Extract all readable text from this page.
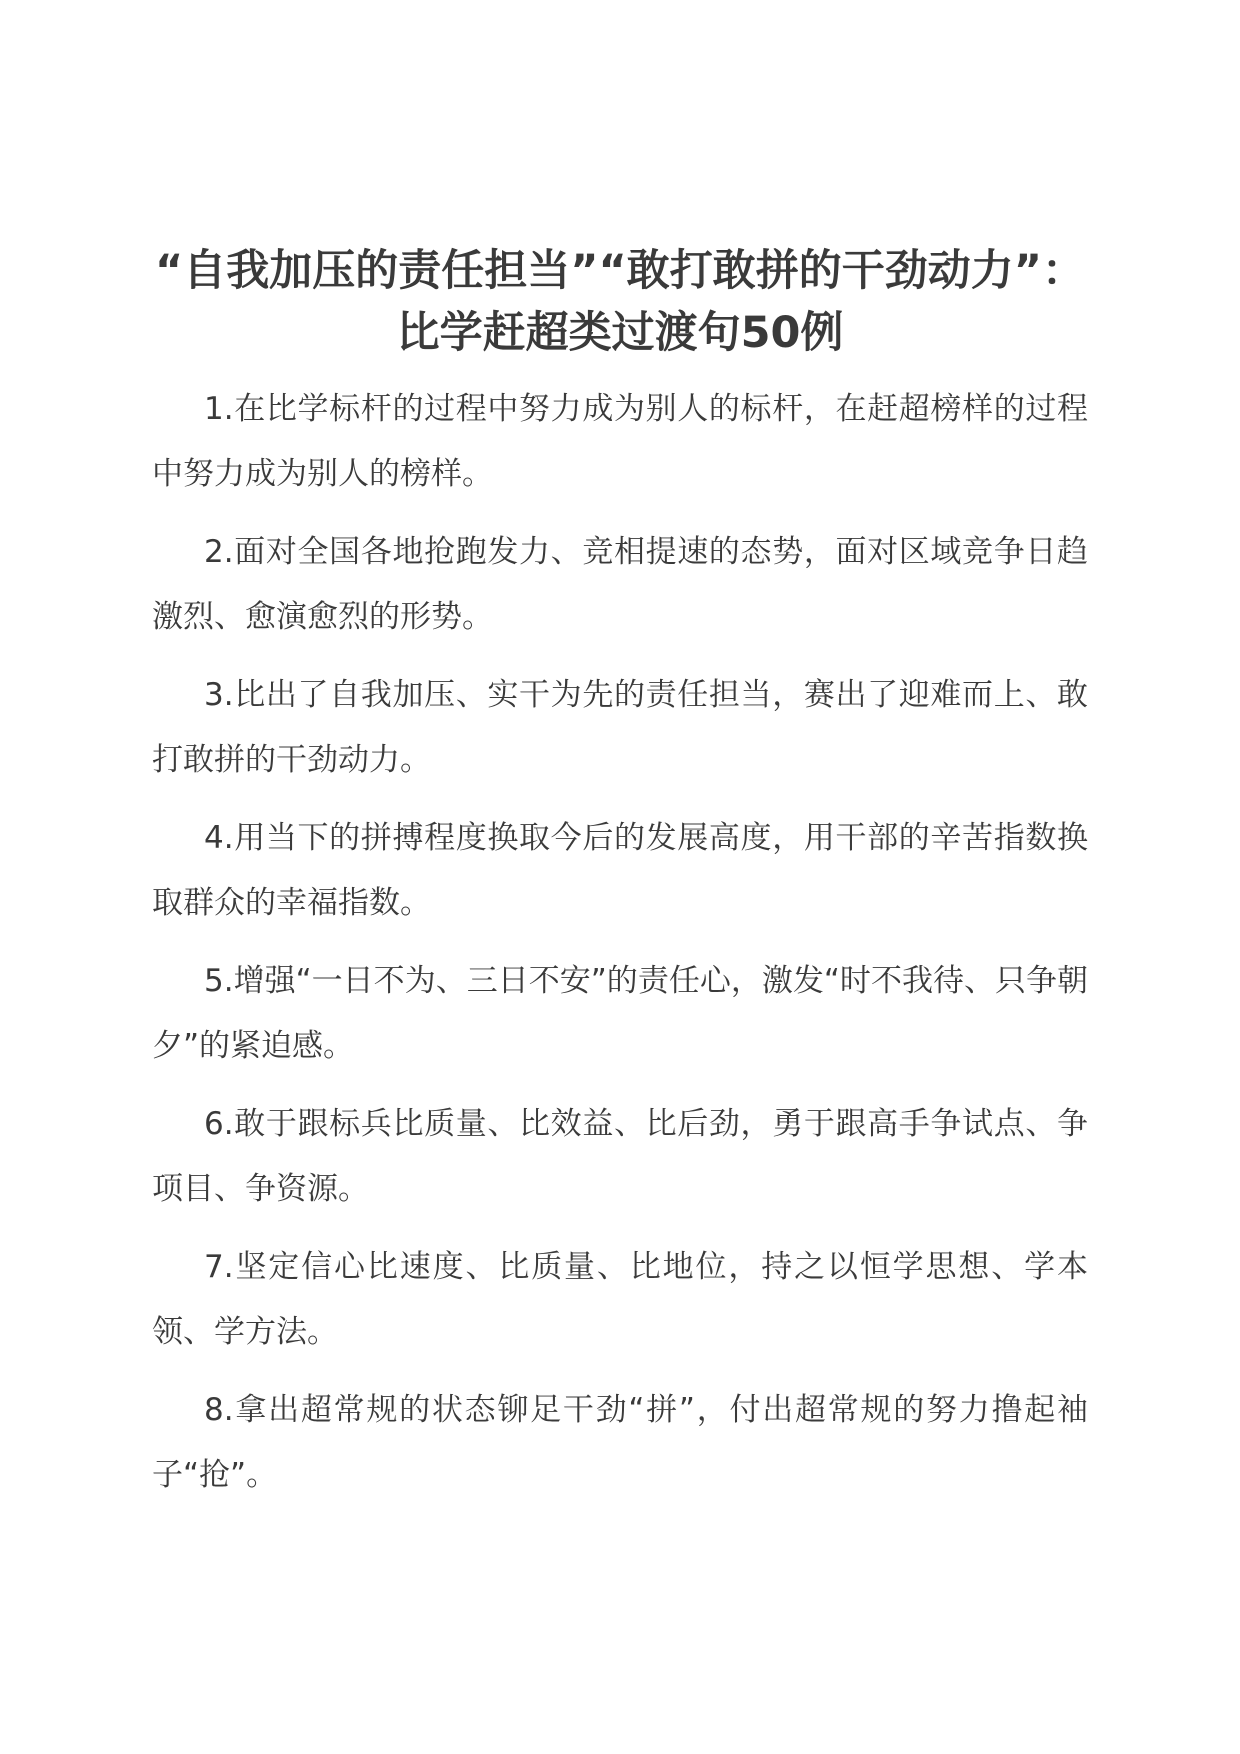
“自我加压的责任担当”“敢打敢拼的干劲动力”：比学赶超类过渡句50例

1.在比学标杆的过程中努力成为别人的标杆，在赶超榜样的过程中努力成为别人的榜样。

2.面对全国各地抢跑发力、竞相提速的态势，面对区域竞争日趋激烈、愈演愈烈的形势。

3.比出了自我加压、实干为先的责任担当，赛出了迎难而上、敢打敢拼的干劲动力。

4.用当下的拼搏程度换取今后的发展高度，用干部的辛苦指数换取群众的幸福指数。

5.增强“一日不为、三日不安”的责任心，激发“时不我待、只争朝夕”的紧迫感。

6.敢于跟标兵比质量、比效益、比后劲，勇于跟高手争试点、争项目、争资源。

7.坚定信心比速度、比质量、比地位，持之以恒学思想、学本领、学方法。

8.拿出超常规的状态铆足干劲“拼”，付出超常规的努力撸起袖子“抢”。
